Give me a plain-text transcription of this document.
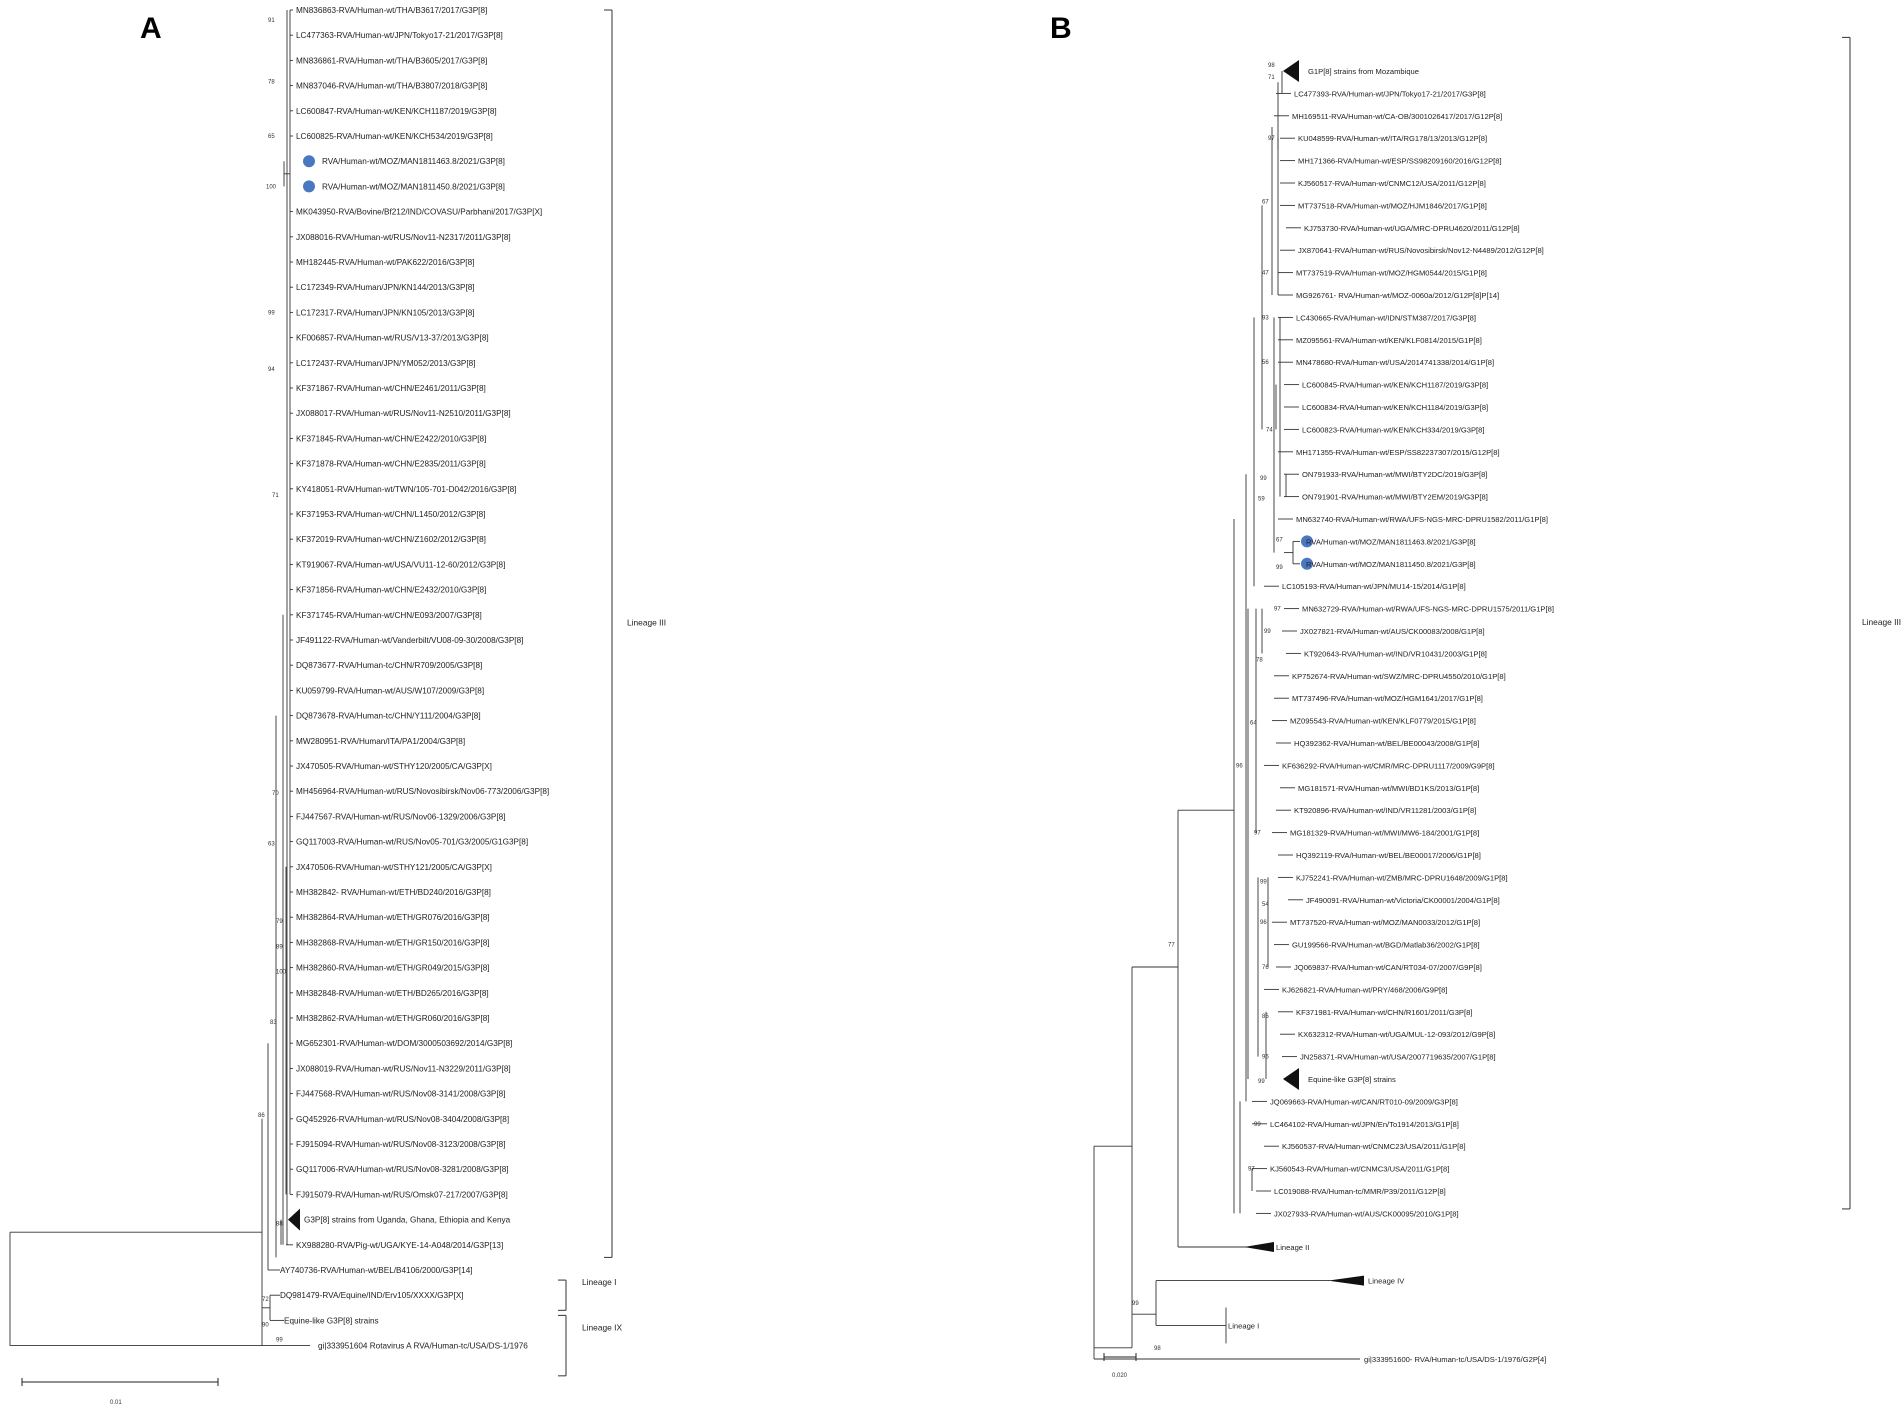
A	B
MN836863-RVA/Human-wt/THA/B3617/2017/G3P[8]
LC477363-RVA/Human-wt/JPN/Tokyo17-21/2017/G3P[8]
MN836861-RVA/Human-wt/THA/B3605/2017/G3P[8]
MN837046-RVA/Human-wt/THA/B3807/2018/G3P[8]
LC600847-RVA/Human-wt/KEN/KCH1187/2019/G3P[8]
LC600825-RVA/Human-wt/KEN/KCH534/2019/G3P[8]
RVA/Human-wt/MOZ/MAN1811463.8/2021/G3P[8]
RVA/Human-wt/MOZ/MAN1811450.8/2021/G3P[8]
MK043950-RVA/Bovine/Bf212/IND/COVASU/Parbhani/2017/G3P[X]
JX088016-RVA/Human-wt/RUS/Nov11-N2317/2011/G3P[8]
MH182445-RVA/Human-wt/PAK622/2016/G3P[8]
LC172349-RVA/Human/JPN/KN144/2013/G3P[8]
LC172317-RVA/Human/JPN/KN105/2013/G3P[8]
KF006857-RVA/Human-wt/RUS/V13-37/2013/G3P[8]
LC172437-RVA/Human/JPN/YM052/2013/G3P[8]
KF371867-RVA/Human-wt/CHN/E2461/2011/G3P[8]
JX088017-RVA/Human-wt/RUS/Nov11-N2510/2011/G3P[8]
KF371845-RVA/Human-wt/CHN/E2422/2010/G3P[8]
KF371878-RVA/Human-wt/CHN/E2835/2011/G3P[8]
KY418051-RVA/Human-wt/TWN/105-701-D042/2016/G3P[8]
KF371953-RVA/Human-wt/CHN/L1450/2012/G3P[8]
KF372019-RVA/Human-wt/CHN/Z1602/2012/G3P[8]
KT919067-RVA/Human-wt/USA/VU11-12-60/2012/G3P[8]
KF371856-RVA/Human-wt/CHN/E2432/2010/G3P[8]
KF371745-RVA/Human-wt/CHN/E093/2007/G3P[8]
JF491122-RVA/Human-wt/Vanderbilt/VU08-09-30/2008/G3P[8]
DQ873677-RVA/Human-tc/CHN/R709/2005/G3P[8]
KU059799-RVA/Human-wt/AUS/W107/2009/G3P[8]
DQ873678-RVA/Human-tc/CHN/Y111/2004/G3P[8]
MW280951-RVA/Human/ITA/PA1/2004/G3P[8]
JX470505-RVA/Human-wt/STHY120/2005/CA/G3P[X]
MH456964-RVA/Human-wt/RUS/Novosibirsk/Nov06-773/2006/G3P[8]
FJ447567-RVA/Human-wt/RUS/Nov06-1329/2006/G3P[8]
GQ117003-RVA/Human-wt/RUS/Nov05-701/G3/2005/G1G3P[8]
JX470506-RVA/Human-wt/STHY121/2005/CA/G3P[X]
MH382842- RVA/Human-wt/ETH/BD240/2016/G3P[8]
MH382864-RVA/Human-wt/ETH/GR076/2016/G3P[8]
MH382868-RVA/Human-wt/ETH/GR150/2016/G3P[8]
MH382860-RVA/Human-wt/ETH/GR049/2015/G3P[8]
MH382848-RVA/Human-wt/ETH/BD265/2016/G3P[8]
MH382862-RVA/Human-wt/ETH/GR060/2016/G3P[8]
MG652301-RVA/Human-wt/DOM/3000503692/2014/G3P[8]
JX088019-RVA/Human-wt/RUS/Nov11-N3229/2011/G3P[8]
FJ447568-RVA/Human-wt/RUS/Nov08-3141/2008/G3P[8]
GQ452926-RVA/Human-wt/RUS/Nov08-3404/2008/G3P[8]
FJ915094-RVA/Human-wt/RUS/Nov08-3123/2008/G3P[8]
GQ117006-RVA/Human-wt/RUS/Nov08-3281/2008/G3P[8]
FJ915079-RVA/Human-wt/RUS/Omsk07-217/2007/G3P[8]
G3P[8] strains from Uganda, Ghana, Ethiopia and Kenya
KX988280-RVA/Pig-wt/UGA/KYE-14-A048/2014/G3P[13]
AY740736-RVA/Human-wt/BEL/B4106/2000/G3P[14]
DQ981479-RVA/Equine/IND/Erv105/XXXX/G3P[X]
Equine-like G3P[8] strains
gi|333951604 Rotavirus A RVA/Human-tc/USA/DS-1/1976
91
78
65
100
99
94
71
70
63
79
89
100
83
86
88
72
90
99
Lineage III
Lineage I
Lineage IX
0.01
G1P[8] strains from Mozambique
LC477393-RVA/Human-wt/JPN/Tokyo17-21/2017/G3P[8]
MH169511-RVA/Human-wt/CA-OB/3001026417/2017/G12P[8]
KU048599-RVA/Human-wt/ITA/RG178/13/2013/G12P[8]
MH171366-RVA/Human-wt/ESP/SS98209160/2016/G12P[8]
KJ560517-RVA/Human-wt/CNMC12/USA/2011/G12P[8]
MT737518-RVA/Human-wt/MOZ/HJM1846/2017/G1P[8]
KJ753730-RVA/Human-wt/UGA/MRC-DPRU4620/2011/G12P[8]
JX870641-RVA/Human-wt/RUS/Novosibirsk/Nov12-N4489/2012/G12P[8]
MT737519-RVA/Human-wt/MOZ/HGM0544/2015/G1P[8]
MG926761- RVA/Human-wt/MOZ-0060a/2012/G12P[8]P[14]
LC430665-RVA/Human-wt/IDN/STM387/2017/G3P[8]
MZ095561-RVA/Human-wt/KEN/KLF0814/2015/G1P[8]
MN478680-RVA/Human-wt/USA/2014741338/2014/G1P[8]
LC600845-RVA/Human-wt/KEN/KCH1187/2019/G3P[8]
LC600834-RVA/Human-wt/KEN/KCH1184/2019/G3P[8]
LC600823-RVA/Human-wt/KEN/KCH334/2019/G3P[8]
MH171355-RVA/Human-wt/ESP/SS82237307/2015/G12P[8]
ON791933-RVA/Human-wt/MWI/BTY2DC/2019/G3P[8]
ON791901-RVA/Human-wt/MWI/BTY2EM/2019/G3P[8]
MN632740-RVA/Human-wt/RWA/UFS-NGS-MRC-DPRU1582/2011/G1P[8]
RVA/Human-wt/MOZ/MAN1811463.8/2021/G3P[8]
RVA/Human-wt/MOZ/MAN1811450.8/2021/G3P[8]
LC105193-RVA/Human-wt/JPN/MU14-15/2014/G1P[8]
MN632729-RVA/Human-wt/RWA/UFS-NGS-MRC-DPRU1575/2011/G1P[8]
JX027821-RVA/Human-wt/AUS/CK00083/2008/G1P[8]
KT920643-RVA/Human-wt/IND/VR10431/2003/G1P[8]
KP752674-RVA/Human-wt/SWZ/MRC-DPRU4550/2010/G1P[8]
MT737496-RVA/Human-wt/MOZ/HGM1641/2017/G1P[8]
MZ095543-RVA/Human-wt/KEN/KLF0779/2015/G1P[8]
HQ392362-RVA/Human-wt/BEL/BE00043/2008/G1P[8]
KF636292-RVA/Human-wt/CMR/MRC-DPRU1117/2009/G9P[8]
MG181571-RVA/Human-wt/MWI/BD1KS/2013/G1P[8]
KT920896-RVA/Human-wt/IND/VR11281/2003/G1P[8]
MG181329-RVA/Human-wt/MWI/MW6-184/2001/G1P[8]
HQ392119-RVA/Human-wt/BEL/BE00017/2006/G1P[8]
KJ752241-RVA/Human-wt/ZMB/MRC-DPRU1648/2009/G1P[8]
JF490091-RVA/Human-wt/Victoria/CK00001/2004/G1P[8]
MT737520-RVA/Human-wt/MOZ/MAN0033/2012/G1P[8]
GU199566-RVA/Human-wt/BGD/Matlab36/2002/G1P[8]
JQ069837-RVA/Human-wt/CAN/RT034-07/2007/G9P[8]
KJ626821-RVA/Human-wt/PRY/468/2006/G9P[8]
KF371981-RVA/Human-wt/CHN/R1601/2011/G3P[8]
KX632312-RVA/Human-wt/UGA/MUL-12-093/2012/G9P[8]
JN258371-RVA/Human-wt/USA/2007719635/2007/G1P[8]
Equine-like G3P[8] strains
JQ069663-RVA/Human-wt/CAN/RT010-09/2009/G3P[8]
LC464102-RVA/Human-wt/JPN/En/To1914/2013/G1P[8]
KJ560537-RVA/Human-wt/CNMC23/USA/2011/G1P[8]
KJ560543-RVA/Human-wt/CNMC3/USA/2011/G1P[8]
LC019088-RVA/Human-tc/MMR/P39/2011/G12P[8]
JX027933-RVA/Human-wt/AUS/CK00095/2010/G1P[8]
Lineage II
Lineage IV
Lineage I
gi|333951600- RVA/Human-tc/USA/DS-1/1976/G2P[4]
98
71
97
67
47
93
56
74
99
59
67
99
97
99
78
64
97
99
54
96
76
86
96
99
99
97
96
77
98
99
Lineage III
0.020
